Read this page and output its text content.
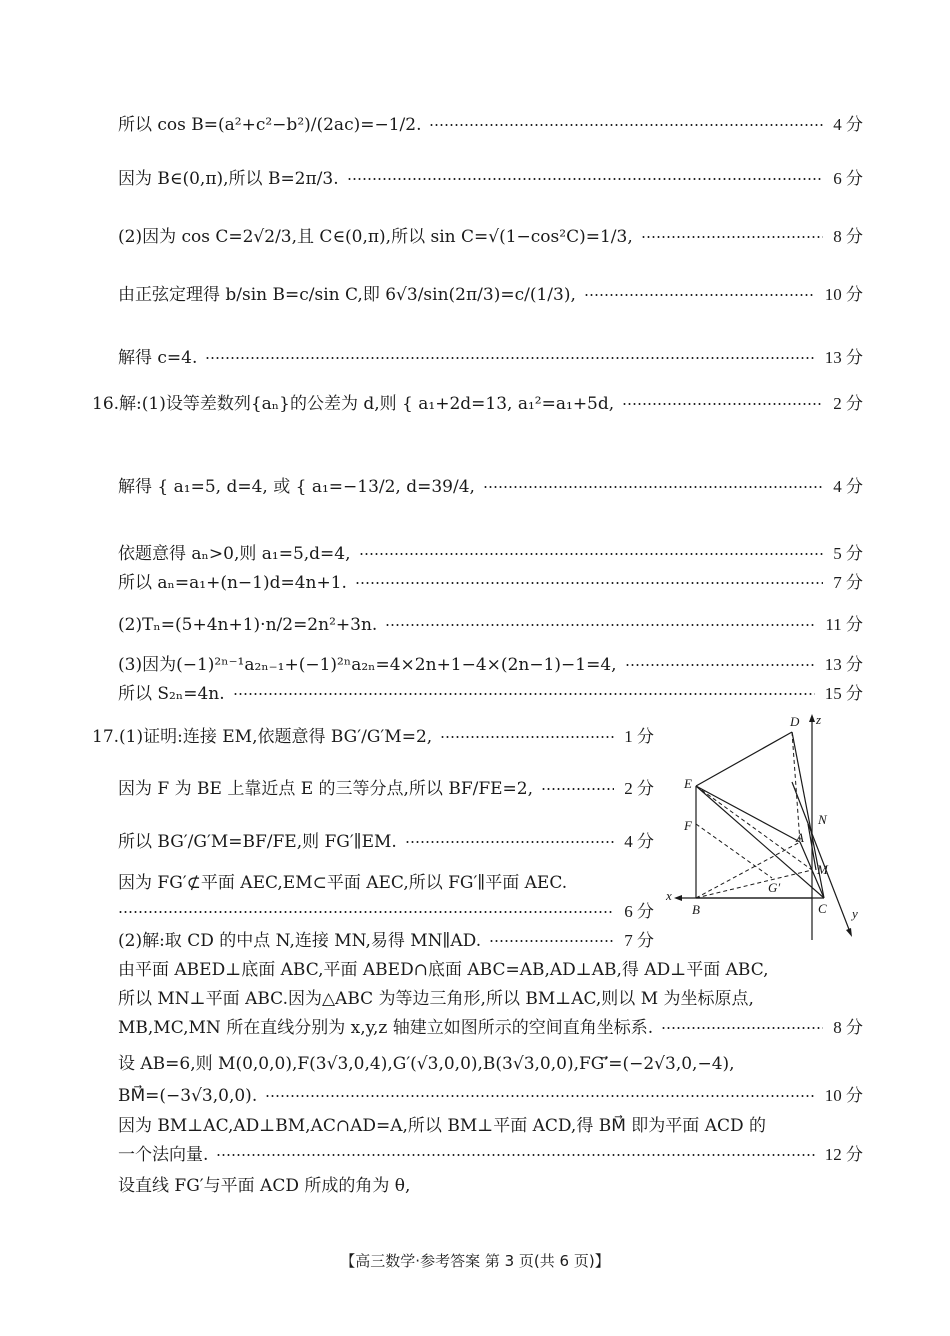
所以 cos B=(a²+c²−b²)/(2ac)=−1/2.	4 分
因为 B∈(0,π),所以 B=2π/3.	6 分
(2)因为 cos C=2√2/3,且 C∈(0,π),所以 sin C=√(1−cos²C)=1/3,	8 分
由正弦定理得 b/sin B=c/sin C,即 6√3/sin(2π/3)=c/(1/3),	10 分
解得 c=4.	13 分
16.解:(1)设等差数列{aₙ}的公差为 d,则 { a₁+2d=13, a₁²=a₁+5d,	2 分
解得 { a₁=5, d=4, 或 { a₁=−13/2, d=39/4,	4 分
依题意得 aₙ>0,则 a₁=5,d=4,	5 分
所以 aₙ=a₁+(n−1)d=4n+1.	7 分
(2)Tₙ=(5+4n+1)·n/2=2n²+3n.	11 分
(3)因为(−1)²ⁿ⁻¹a₂ₙ₋₁+(−1)²ⁿa₂ₙ=4×2n+1−4×(2n−1)−1=4,	13 分
所以 S₂ₙ=4n.	15 分
17.(1)证明:连接 EM,依题意得 BG′/G′M=2,	1 分
因为 F 为 BE 上靠近点 E 的三等分点,所以 BF/FE=2,	2 分
所以 BG′/G′M=BF/FE,则 FG′∥EM.	4 分
因为 FG′⊄平面 AEC,EM⊂平面 AEC,所以 FG′∥平面 AEC.
6 分
(2)解:取 CD 的中点 N,连接 MN,易得 MN∥AD.	7 分
由平面 ABED⊥底面 ABC,平面 ABED∩底面 ABC=AB,AD⊥AB,得 AD⊥平面 ABC,
所以 MN⊥平面 ABC.因为△ABC 为等边三角形,所以 BM⊥AC,则以 M 为坐标原点,
MB,MC,MN 所在直线分别为 x,y,z 轴建立如图所示的空间直角坐标系.	8 分
设 AB=6,则 M(0,0,0),F(3√3,0,4),G′(√3,0,0),B(3√3,0,0),FG′⃗=(−2√3,0,−4),
BM⃗=(−3√3,0,0).	10 分
因为 BM⊥AC,AD⊥BM,AC∩AD=A,所以 BM⊥平面 ACD,得 BM⃗ 即为平面 ACD 的
一个法向量.	12 分
设直线 FG′与平面 ACD 所成的角为 θ,
D z
E
F	N
A
M
G′
x
B	C y
【高三数学·参考答案 第 3 页(共 6 页)】
